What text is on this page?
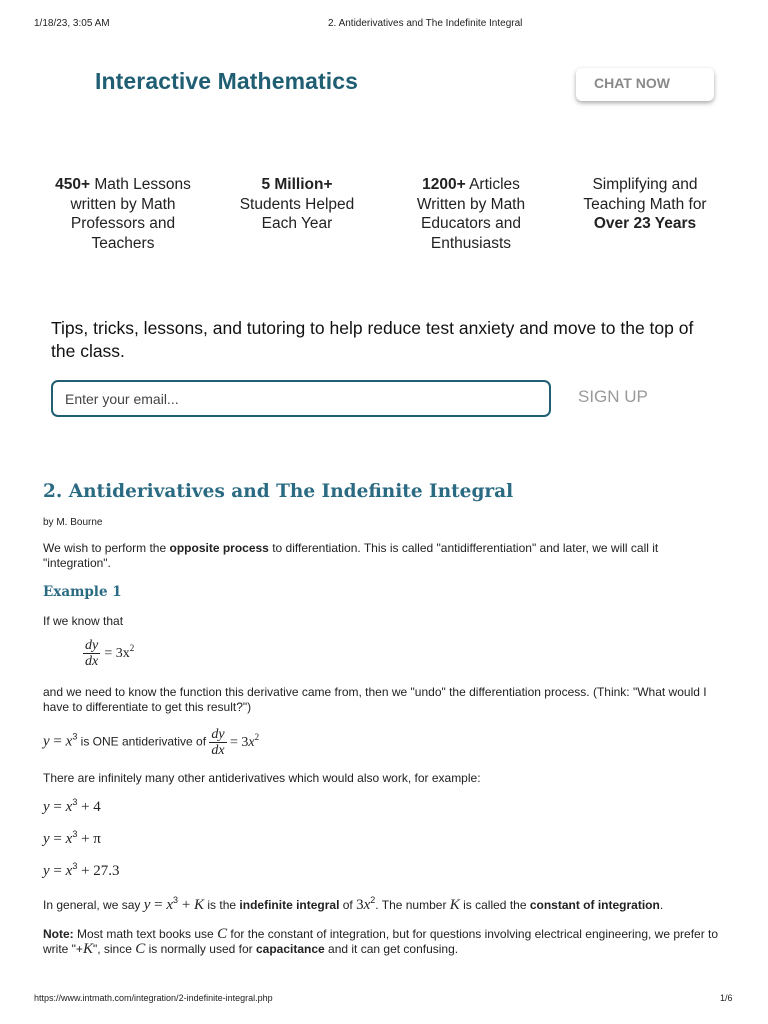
1/18/23, 3:05 AM	2. Antiderivatives and The Indefinite Integral
Interactive Mathematics	CHAT NOW
450+ Math Lessons written by Math Professors and Teachers
5 Million+
Students Helped Each Year
1200+ Articles Written by Math Educators and Enthusiasts
Simplifying and Teaching Math for Over 23 Years
Tips, tricks, lessons, and tutoring to help reduce test anxiety and move to the top of the class.
Enter your email...
SIGN UP
2. Antiderivatives and The Indefinite Integral
by M. Bourne
We wish to perform the opposite process to differentiation. This is called "antidifferentiation" and later, we will call it "integration".
Example 1
If we know that
$\frac{dy}{dx} = 3x^2$
and we need to know the function this derivative came from, then we "undo" the differentiation process. (Think: "What would I have to differentiate to get this result?")
$y = x^3$ is ONE antiderivative of $\frac{dy}{dx} = 3x^2$
There are infinitely many other antiderivatives which would also work, for example:
$y = x^3 + 4$
$y = x^3 + \pi$
$y = x^3 + 27.3$
In general, we say $y = x^3 + K$ is the indefinite integral of $3x^2$. The number K is called the constant of integration.
Note: Most math text books use C for the constant of integration, but for questions involving electrical engineering, we prefer to write "+K", since C is normally used for capacitance and it can get confusing.
https://www.intmath.com/integration/2-indefinite-integral.php	1/6
